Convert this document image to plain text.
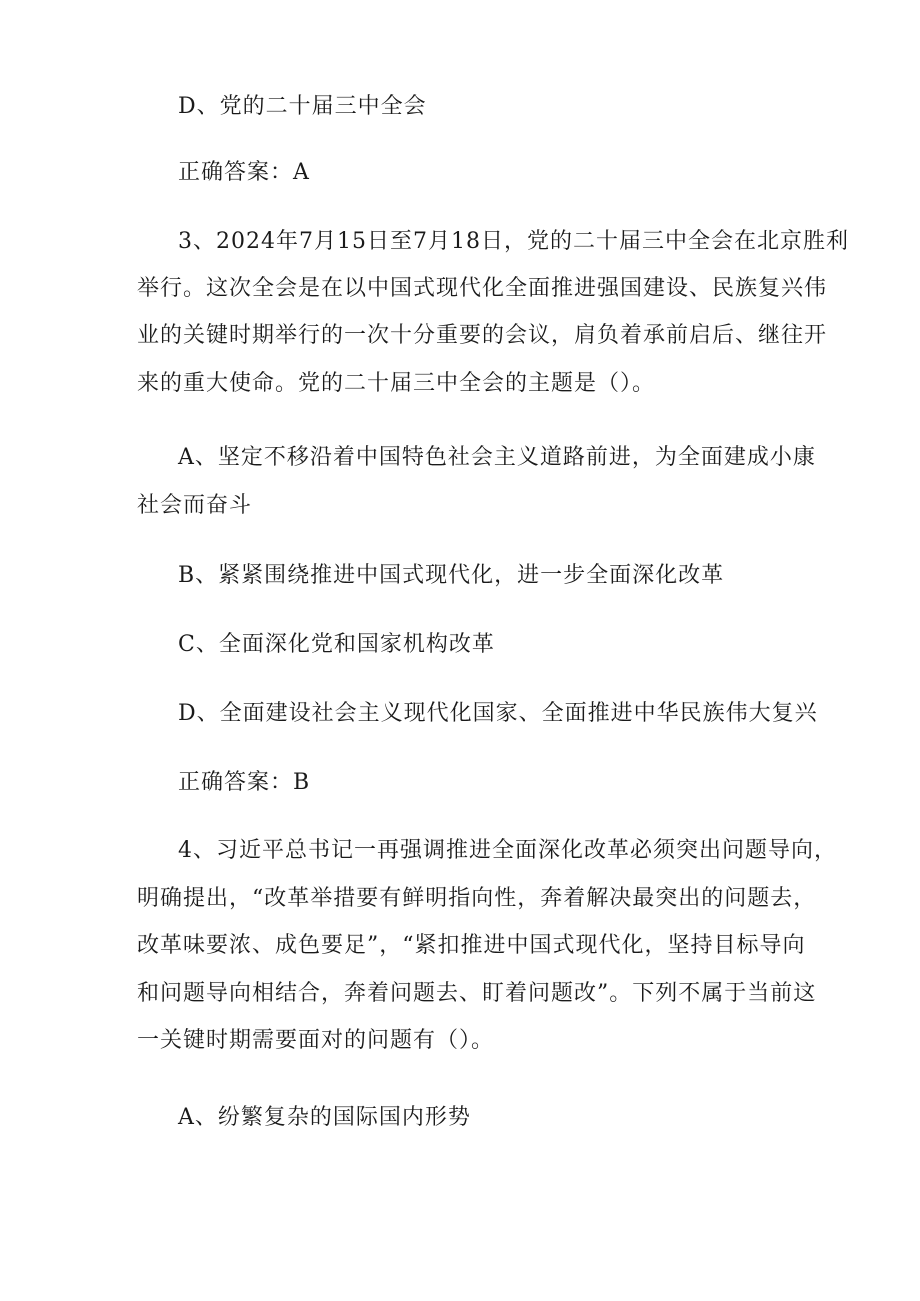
D、党的二十届三中全会
正确答案：A
3、2024年7月15日至7月18日，党的二十届三中全会在北京胜利
举行。这次全会是在以中国式现代化全面推进强国建设、民族复兴伟
业的关键时期举行的一次十分重要的会议，肩负着承前启后、继往开
来的重大使命。党的二十届三中全会的主题是（）。
A、坚定不移沿着中国特色社会主义道路前进，为全面建成小康
社会而奋斗
B、紧紧围绕推进中国式现代化，进一步全面深化改革
C、全面深化党和国家机构改革
D、全面建设社会主义现代化国家、全面推进中华民族伟大复兴
正确答案：B
4、习近平总书记一再强调推进全面深化改革必须突出问题导向，
明确提出，“改革举措要有鲜明指向性，奔着解决最突出的问题去，
改革味要浓、成色要足”，“紧扣推进中国式现代化，坚持目标导向
和问题导向相结合，奔着问题去、盯着问题改”。下列不属于当前这
一关键时期需要面对的问题有（）。
A、纷繁复杂的国际国内形势
